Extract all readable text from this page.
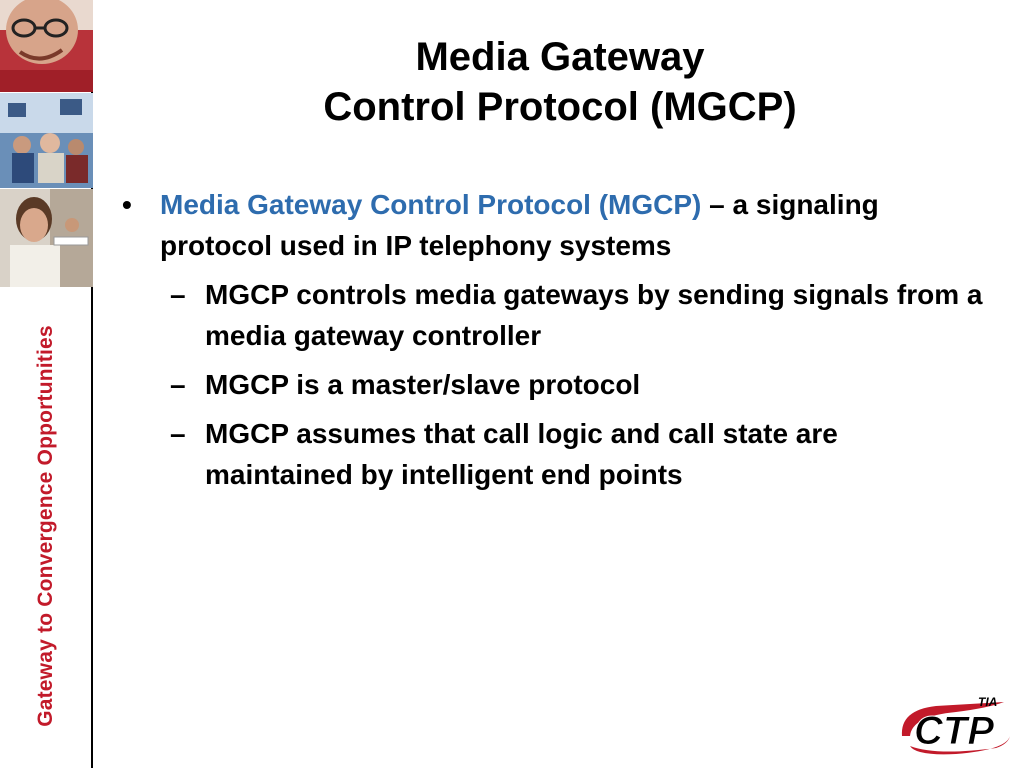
Gateway to Convergence Opportunities
Media Gateway
Control Protocol (MGCP)
• Media Gateway Control Protocol (MGCP) – a signaling protocol used in IP telephony systems
– MGCP controls media gateways by sending signals from a media gateway controller
– MGCP is a master/slave protocol
– MGCP assumes that call logic and call state are maintained by intelligent end points
TIA
CTP
